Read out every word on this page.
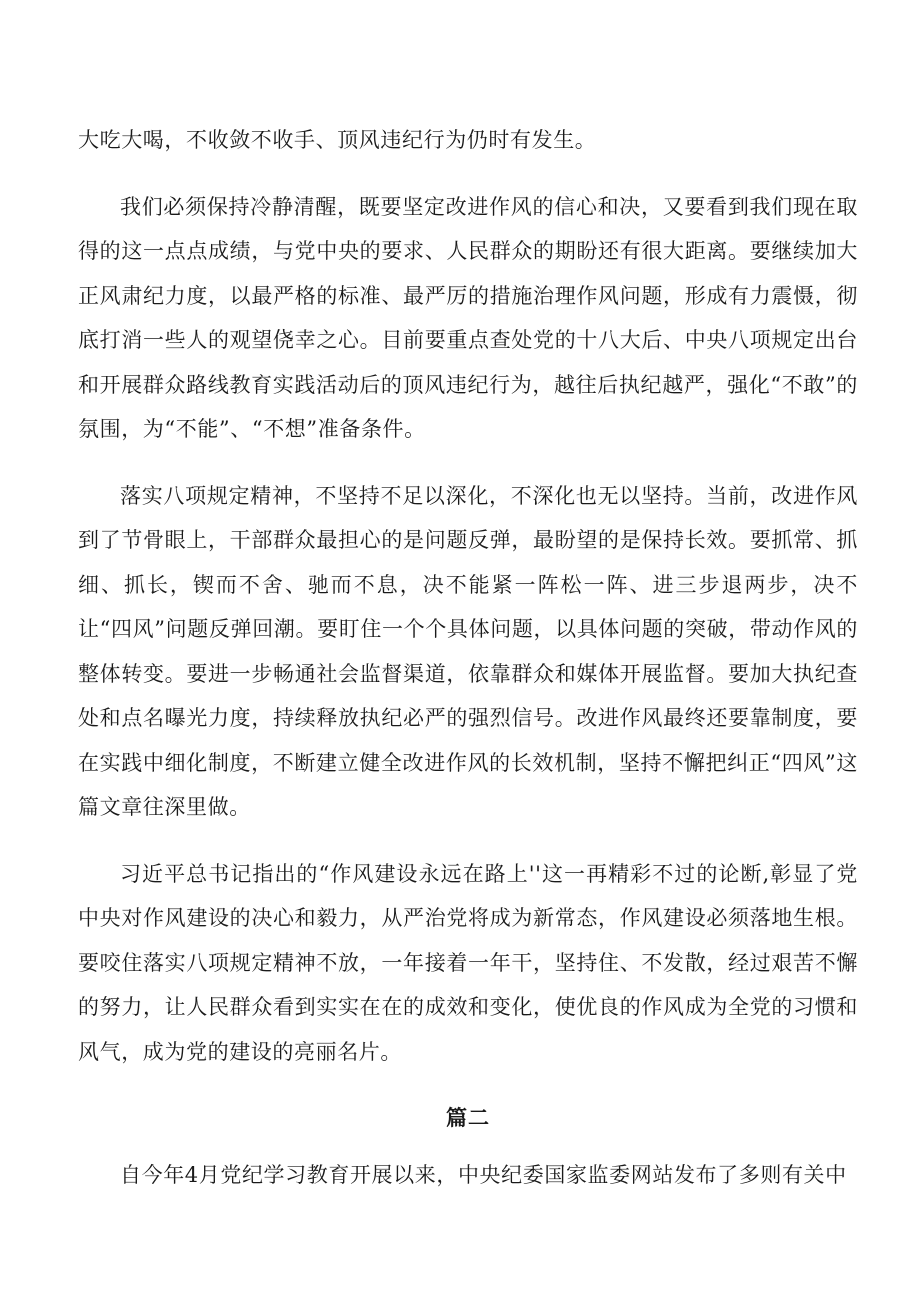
大吃大喝，不收敛不收手、顶风违纪行为仍时有发生。

我们必须保持冷静清醒，既要坚定改进作风的信心和决，又要看到我们现在取得的这一点点成绩，与党中央的要求、人民群众的期盼还有很大距离。要继续加大正风肃纪力度，以最严格的标准、最严厉的措施治理作风问题，形成有力震慑，彻底打消一些人的观望侥幸之心。目前要重点查处党的十八大后、中央八项规定出台和开展群众路线教育实践活动后的顶风违纪行为，越往后执纪越严，强化“不敢”的氛围，为“不能”、“不想”准备条件。

落实八项规定精神，不坚持不足以深化，不深化也无以坚持。当前，改进作风到了节骨眼上，干部群众最担心的是问题反弹，最盼望的是保持长效。要抓常、抓细、抓长，锲而不舍、驰而不息，决不能紧一阵松一阵、进三步退两步，决不让“四风”问题反弹回潮。要盯住一个个具体问题，以具体问题的突破，带动作风的整体转变。要进一步畅通社会监督渠道，依靠群众和媒体开展监督。要加大执纪查处和点名曝光力度，持续释放执纪必严的强烈信号。改进作风最终还要靠制度，要在实践中细化制度，不断建立健全改进作风的长效机制，坚持不懈把纠正“四风”这篇文章往深里做。

习近平总书记指出的“作风建设永远在路上''这一再精彩不过的论断,彰显了党中央对作风建设的决心和毅力，从严治党将成为新常态，作风建设必须落地生根。要咬住落实八项规定精神不放，一年接着一年干，坚持住、不发散，经过艰苦不懈的努力，让人民群众看到实实在在的成效和变化，使优良的作风成为全党的习惯和风气，成为党的建设的亮丽名片。

篇二

自今年4月党纪学习教育开展以来，中央纪委国家监委网站发布了多则有关中
